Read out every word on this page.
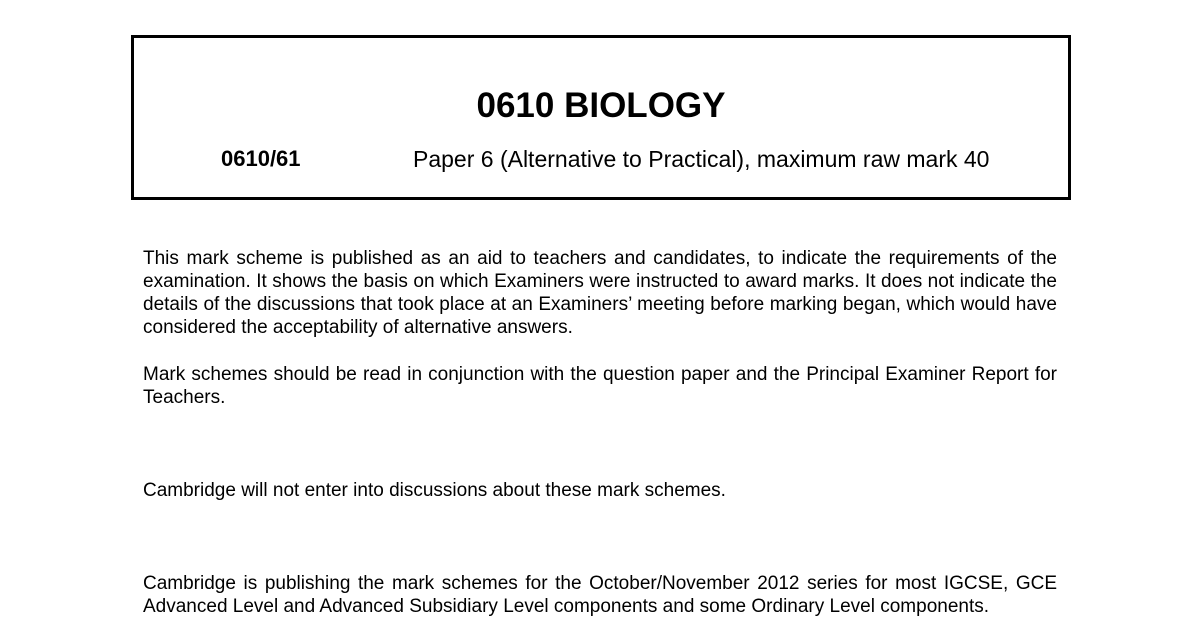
0610 BIOLOGY
0610/61	Paper 6 (Alternative to Practical), maximum raw mark 40

This mark scheme is published as an aid to teachers and candidates, to indicate the requirements of the examination. It shows the basis on which Examiners were instructed to award marks. It does not indicate the details of the discussions that took place at an Examiners’ meeting before marking began, which would have considered the acceptability of alternative answers.

Mark schemes should be read in conjunction with the question paper and the Principal Examiner Report for Teachers.

Cambridge will not enter into discussions about these mark schemes.

Cambridge is publishing the mark schemes for the October/November 2012 series for most IGCSE, GCE Advanced Level and Advanced Subsidiary Level components and some Ordinary Level components.
